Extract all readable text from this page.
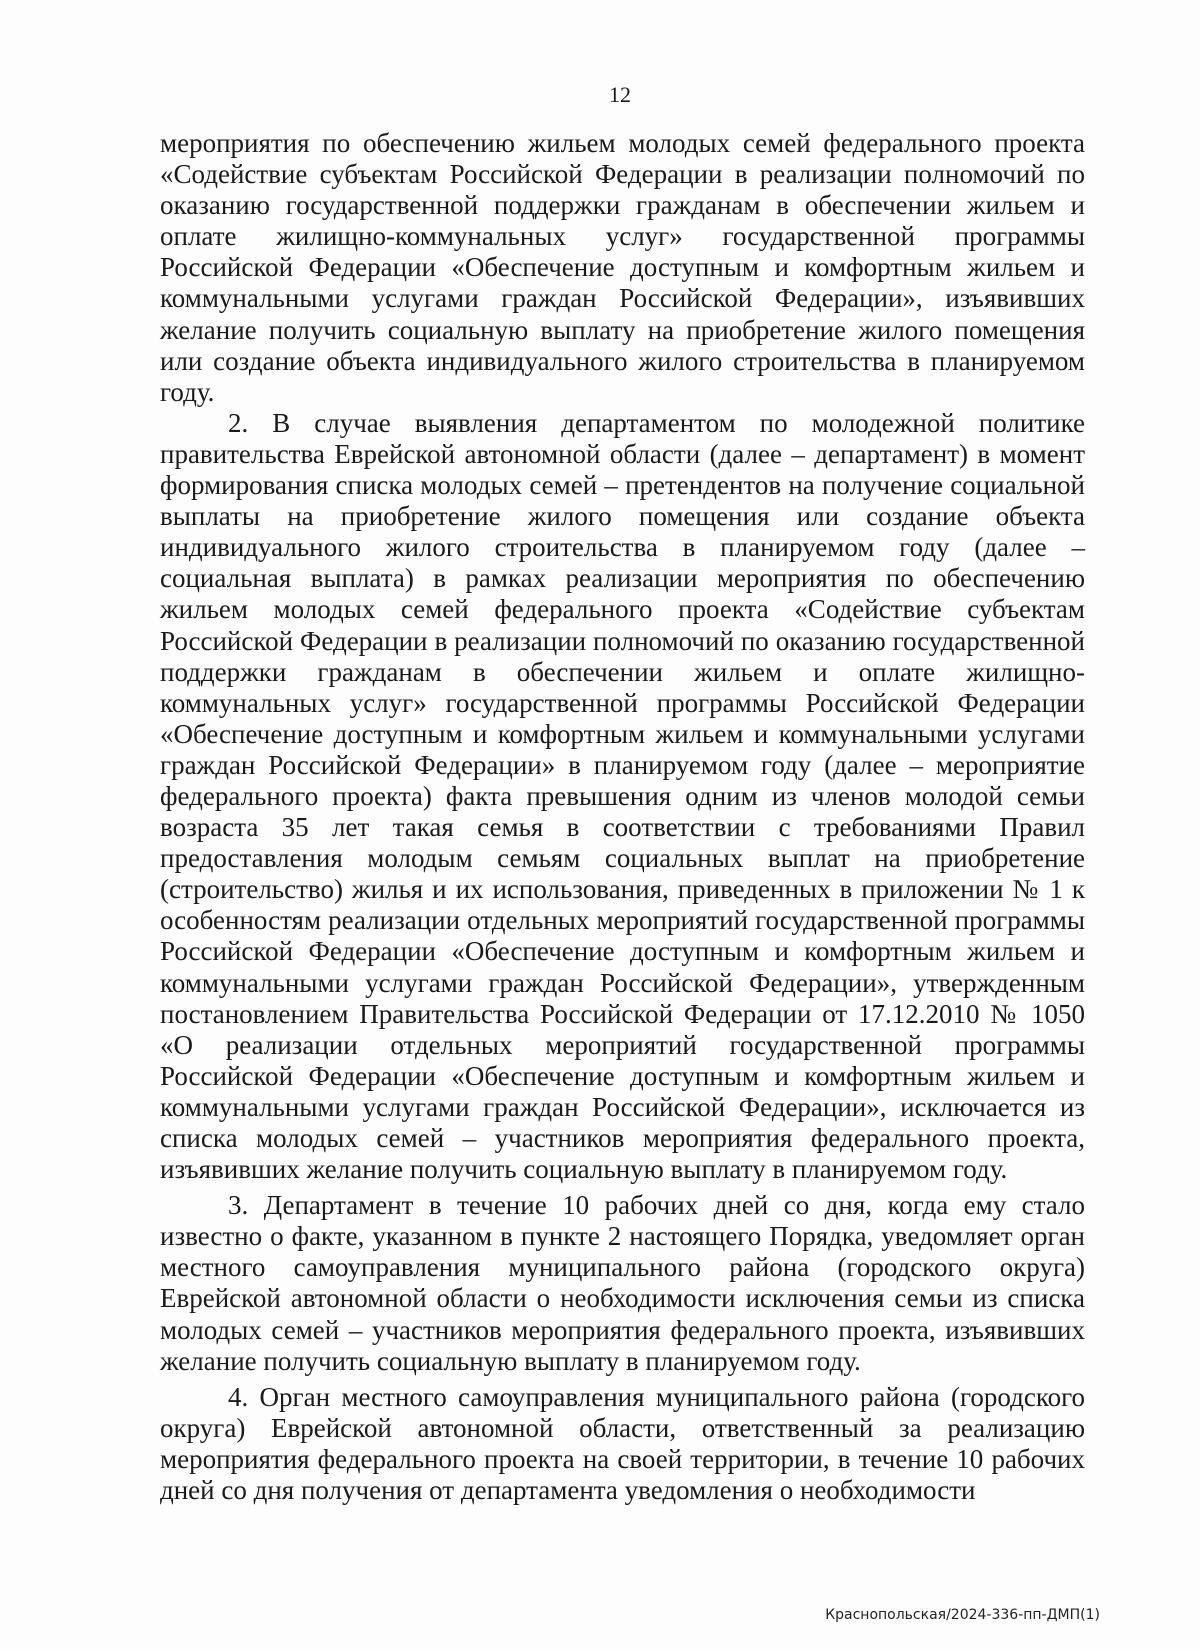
12

мероприятия по обеспечению жильем молодых семей федерального проекта «Содействие субъектам Российской Федерации в реализации полномочий по оказанию государственной поддержки гражданам в обеспечении жильем и оплате жилищно-коммунальных услуг» государственной программы Российской Федерации «Обеспечение доступным и комфортным жильем и коммунальными услугами граждан Российской Федерации», изъявивших желание получить социальную выплату на приобретение жилого помещения или создание объекта индивидуального жилого строительства в планируемом году.

2. В случае выявления департаментом по молодежной политике правительства Еврейской автономной области (далее – департамент) в момент формирования списка молодых семей – претендентов на получение социальной выплаты на приобретение жилого помещения или создание объекта индивидуального жилого строительства в планируемом году (далее – социальная выплата) в рамках реализации мероприятия по обеспечению жильем молодых семей федерального проекта «Содействие субъектам Российской Федерации в реализации полномочий по оказанию государственной поддержки гражданам в обеспечении жильем и оплате жилищно-коммунальных услуг» государственной программы Российской Федерации «Обеспечение доступным и комфортным жильем и коммунальными услугами граждан Российской Федерации» в планируемом году (далее – мероприятие федерального проекта) факта превышения одним из членов молодой семьи возраста 35 лет такая семья в соответствии с требованиями Правил предоставления молодым семьям социальных выплат на приобретение (строительство) жилья и их использования, приведенных в приложении № 1 к особенностям реализации отдельных мероприятий государственной программы Российской Федерации «Обеспечение доступным и комфортным жильем и коммунальными услугами граждан Российской Федерации», утвержденным постановлением Правительства Российской Федерации от 17.12.2010 № 1050 «О реализации отдельных мероприятий государственной программы Российской Федерации «Обеспечение доступным и комфортным жильем и коммунальными услугами граждан Российской Федерации», исключается из списка молодых семей – участников мероприятия федерального проекта, изъявивших желание получить социальную выплату в планируемом году.

3. Департамент в течение 10 рабочих дней со дня, когда ему стало известно о факте, указанном в пункте 2 настоящего Порядка, уведомляет орган местного самоуправления муниципального района (городского округа) Еврейской автономной области о необходимости исключения семьи из списка молодых семей – участников мероприятия федерального проекта, изъявивших желание получить социальную выплату в планируемом году.

4. Орган местного самоуправления муниципального района (городского округа) Еврейской автономной области, ответственный за реализацию мероприятия федерального проекта на своей территории, в течение 10 рабочих дней со дня получения от департамента уведомления о необходимости

Краснопольская/2024-336-пп-ДМП(1)
